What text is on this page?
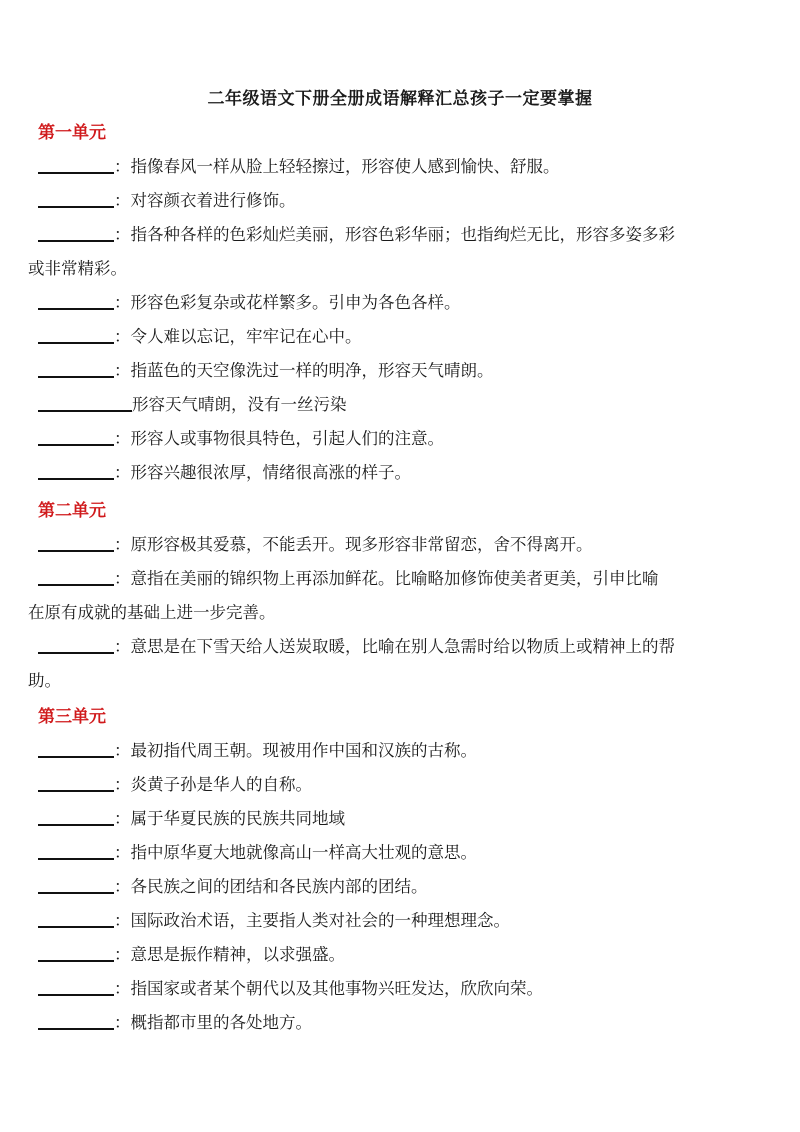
二年级语文下册全册成语解释汇总孩子一定要掌握
第一单元
：指像春风一样从脸上轻轻擦过，形容使人感到愉快、舒服。
：对容颜衣着进行修饰。
：指各种各样的色彩灿烂美丽，形容色彩华丽；也指绚烂无比，形容多姿多彩
或非常精彩。
：形容色彩复杂或花样繁多。引申为各色各样。
：令人难以忘记，牢牢记在心中。
：指蓝色的天空像洗过一样的明净，形容天气晴朗。
形容天气晴朗，没有一丝污染
：形容人或事物很具特色，引起人们的注意。
：形容兴趣很浓厚，情绪很高涨的样子。
第二单元
：原形容极其爱慕，不能丢开。现多形容非常留恋，舍不得离开。
：意指在美丽的锦织物上再添加鲜花。比喻略加修饰使美者更美，引申比喻
在原有成就的基础上进一步完善。
：意思是在下雪天给人送炭取暖，比喻在别人急需时给以物质上或精神上的帮
助。
第三单元
：最初指代周王朝。现被用作中国和汉族的古称。
：炎黄子孙是华人的自称。
：属于华夏民族的民族共同地域
：指中原华夏大地就像高山一样高大壮观的意思。
：各民族之间的团结和各民族内部的团结。
：国际政治术语，主要指人类对社会的一种理想理念。
：意思是振作精神，以求强盛。
：指国家或者某个朝代以及其他事物兴旺发达，欣欣向荣。
：概指都市里的各处地方。
